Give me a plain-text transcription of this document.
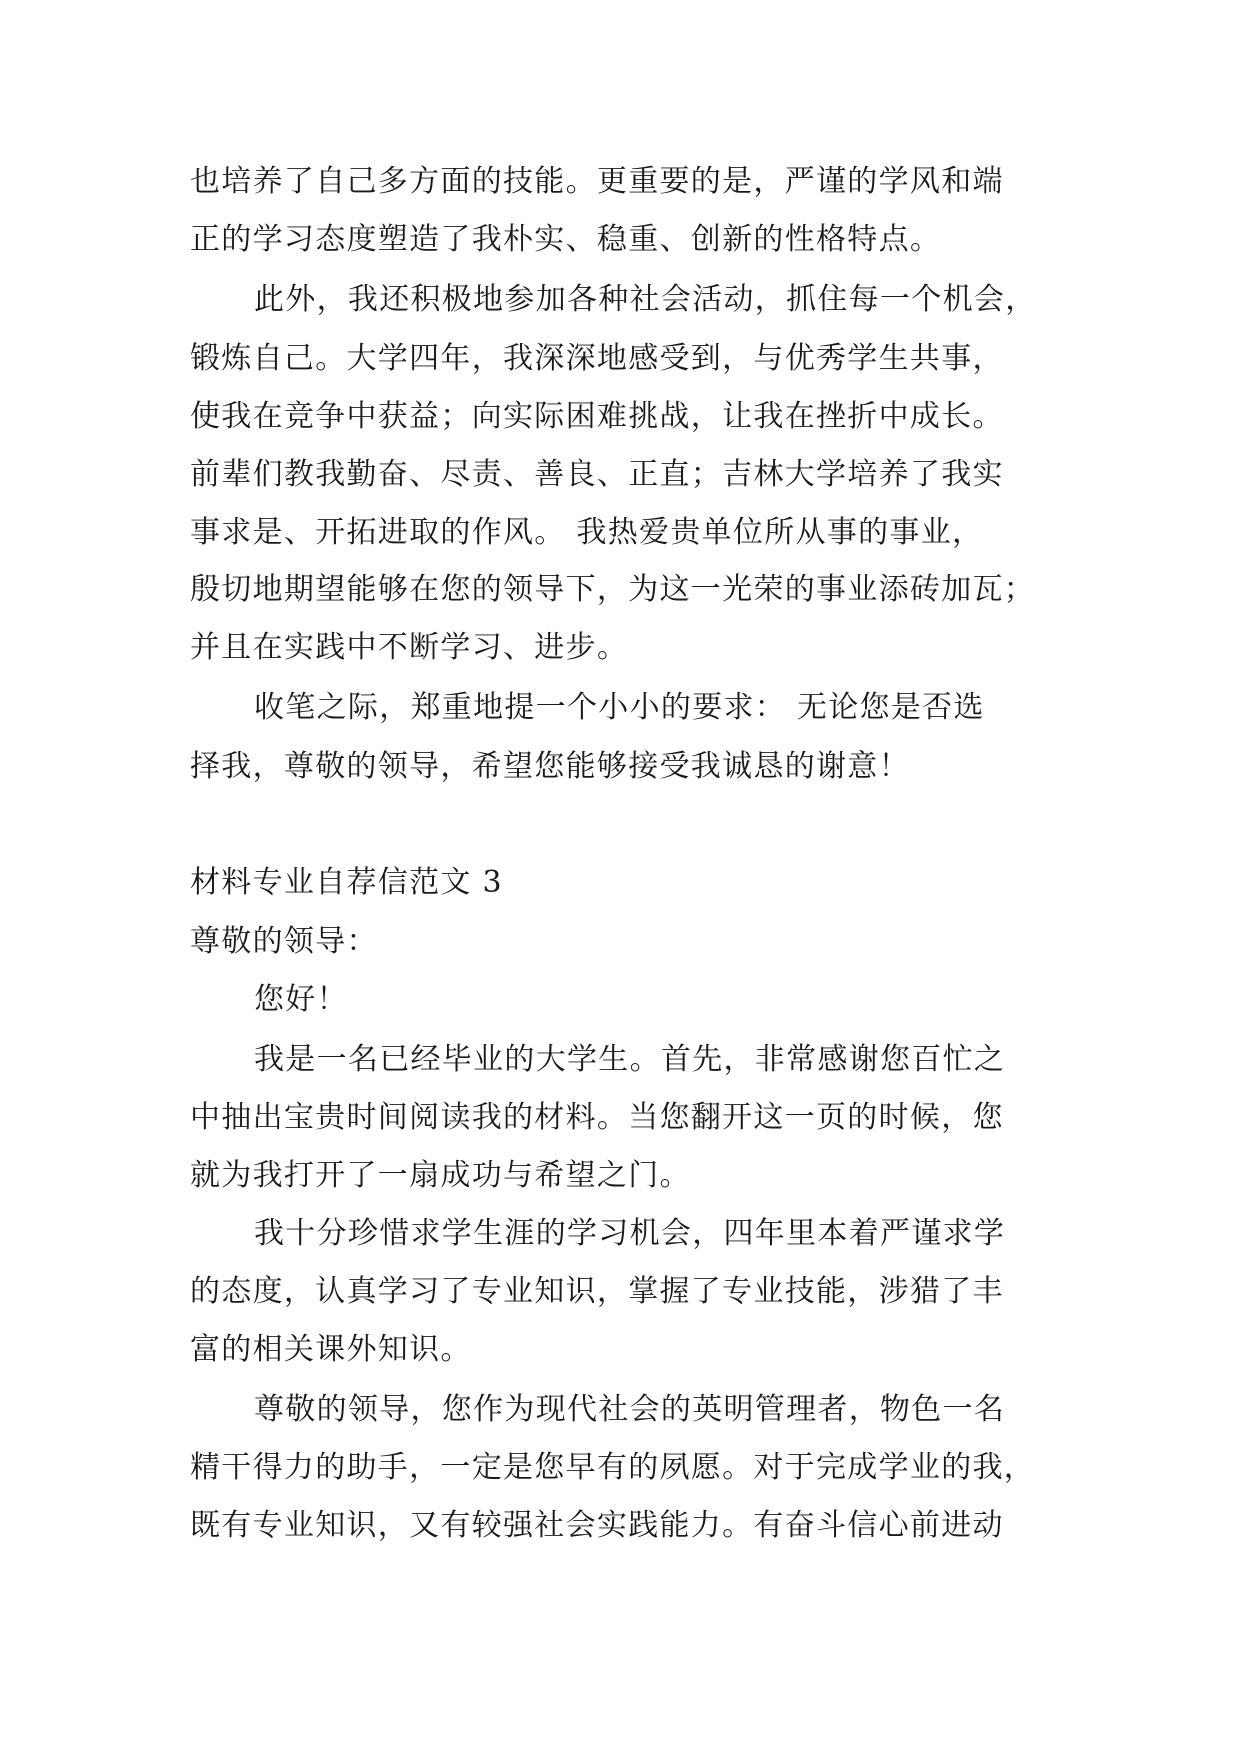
也培养了自己多方面的技能。更重要的是，严谨的学风和端
正的学习态度塑造了我朴实、稳重、创新的性格特点。
此外，我还积极地参加各种社会活动，抓住每一个机会，
锻炼自己。大学四年，我深深地感受到，与优秀学生共事，
使我在竞争中获益；向实际困难挑战，让我在挫折中成长。
前辈们教我勤奋、尽责、善良、正直；吉林大学培养了我实
事求是、开拓进取的作风。 我热爱贵单位所从事的事业，
殷切地期望能够在您的领导下，为这一光荣的事业添砖加瓦；
并且在实践中不断学习、进步。
收笔之际，郑重地提一个小小的要求： 无论您是否选
择我，尊敬的领导，希望您能够接受我诚恳的谢意！
材料专业自荐信范文 3
尊敬的领导：
您好！
我是一名已经毕业的大学生。首先，非常感谢您百忙之
中抽出宝贵时间阅读我的材料。当您翻开这一页的时候，您
就为我打开了一扇成功与希望之门。
我十分珍惜求学生涯的学习机会，四年里本着严谨求学
的态度，认真学习了专业知识，掌握了专业技能，涉猎了丰
富的相关课外知识。
尊敬的领导，您作为现代社会的英明管理者，物色一名
精干得力的助手，一定是您早有的夙愿。对于完成学业的我，
既有专业知识，又有较强社会实践能力。有奋斗信心前进动
